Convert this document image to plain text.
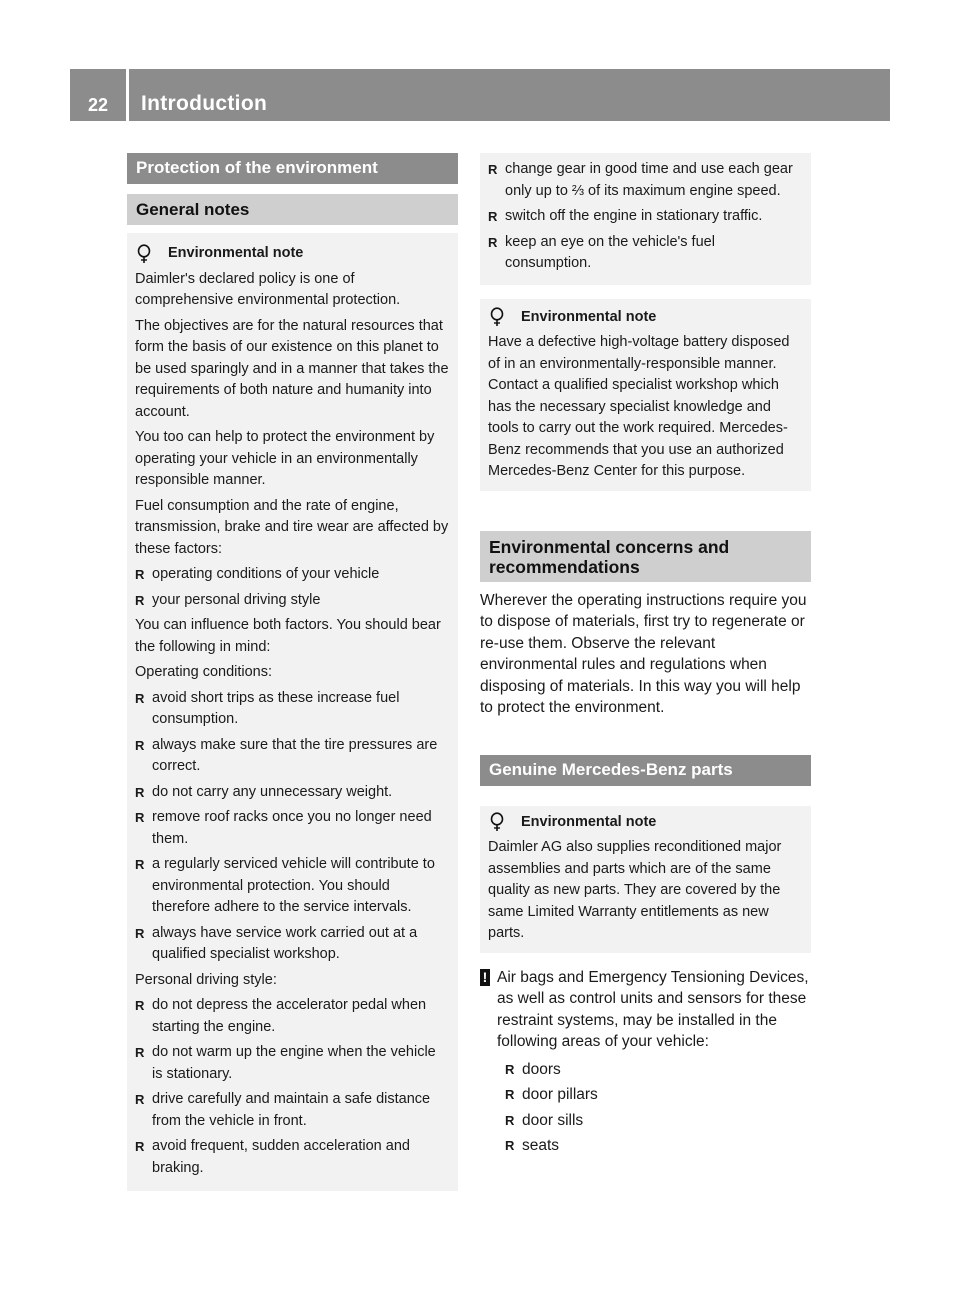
22	Introduction
Protection of the environment
General notes
Environmental note

Daimler's declared policy is one of comprehensive environmental protection.

The objectives are for the natural resources that form the basis of our existence on this planet to be used sparingly and in a manner that takes the requirements of both nature and humanity into account.

You too can help to protect the environment by operating your vehicle in an environmentally responsible manner.

Fuel consumption and the rate of engine, transmission, brake and tire wear are affected by these factors:

R operating conditions of your vehicle
R your personal driving style

You can influence both factors. You should bear the following in mind:

Operating conditions:

R avoid short trips as these increase fuel consumption.
R always make sure that the tire pressures are correct.
R do not carry any unnecessary weight.
R remove roof racks once you no longer need them.
R a regularly serviced vehicle will contribute to environmental protection. You should therefore adhere to the service intervals.
R always have service work carried out at a qualified specialist workshop.

Personal driving style:

R do not depress the accelerator pedal when starting the engine.
R do not warm up the engine when the vehicle is stationary.
R drive carefully and maintain a safe distance from the vehicle in front.
R avoid frequent, sudden acceleration and braking.
R change gear in good time and use each gear only up to ⅔ of its maximum engine speed.
R switch off the engine in stationary traffic.
R keep an eye on the vehicle's fuel consumption.
Environmental note

Have a defective high-voltage battery disposed of in an environmentally-responsible manner. Contact a qualified specialist workshop which has the necessary specialist knowledge and tools to carry out the work required. Mercedes-Benz recommends that you use an authorized Mercedes-Benz Center for this purpose.

Environmental concerns and recommendations

Wherever the operating instructions require you to dispose of materials, first try to regenerate or re-use them. Observe the relevant environmental rules and regulations when disposing of materials. In this way you will help to protect the environment.

Genuine Mercedes-Benz parts
Environmental note

Daimler AG also supplies reconditioned major assemblies and parts which are of the same quality as new parts. They are covered by the same Limited Warranty entitlements as new parts.

! Air bags and Emergency Tensioning Devices, as well as control units and sensors for these restraint systems, may be installed in the following areas of your vehicle:

R doors
R door pillars
R door sills
R seats
